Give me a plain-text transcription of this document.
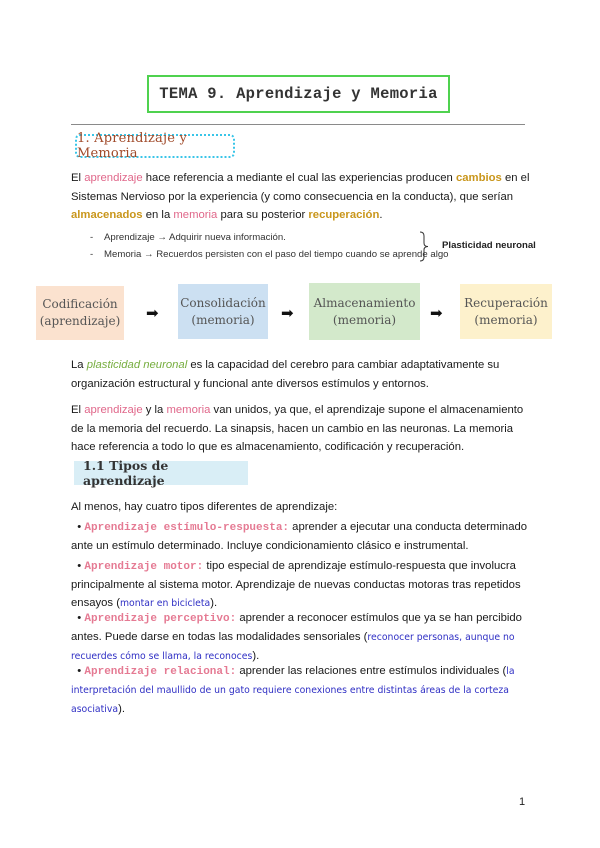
TEMA 9. Aprendizaje y Memoria
1. Aprendizaje y Memoria
El aprendizaje hace referencia a mediante el cual las experiencias producen cambios en el Sistemas Nervioso por la experiencia (y como consecuencia en la conducta), que serían almacenados en la memoria para su posterior recuperación.
- Aprendizaje → Adquirir nueva información.
- Memoria → Recuerdos persisten con el paso del tiempo cuando se aprende algo
Plasticidad neuronal
Codificación
(aprendizaje) ➡
Consolidación
(memoria)	➡
Almacenamiento
(memoria)	➡
Recuperación
(memoria)
La plasticidad neuronal es la capacidad del cerebro para cambiar adaptativamente su organización estructural y funcional ante diversos estímulos y entornos.
El aprendizaje y la memoria van unidos, ya que, el aprendizaje supone el almacenamiento de la memoria del recuerdo. La sinapsis, hacen un cambio en las neuronas. La memoria hace referencia a todo lo que es almacenamiento, codificación y recuperación.
1.1 Tipos de aprendizaje
Al menos, hay cuatro tipos diferentes de aprendizaje:
• Aprendizaje estímulo-respuesta: aprender a ejecutar una conducta determinado ante un estímulo determinado. Incluye condicionamiento clásico e instrumental.
• Aprendizaje motor: tipo especial de aprendizaje estímulo-respuesta que involucra principalmente al sistema motor. Aprendizaje de nuevas conductas motoras tras repetidos ensayos (montar en bicicleta).
• Aprendizaje perceptivo: aprender a reconocer estímulos que ya se han percibido antes. Puede darse en todas las modalidades sensoriales (reconocer personas, aunque no recuerdes cómo se llama, la reconoces).
• Aprendizaje relacional: aprender las relaciones entre estímulos individuales (la interpretación del maullido de un gato requiere conexiones entre distintas áreas de la corteza asociativa).
1
